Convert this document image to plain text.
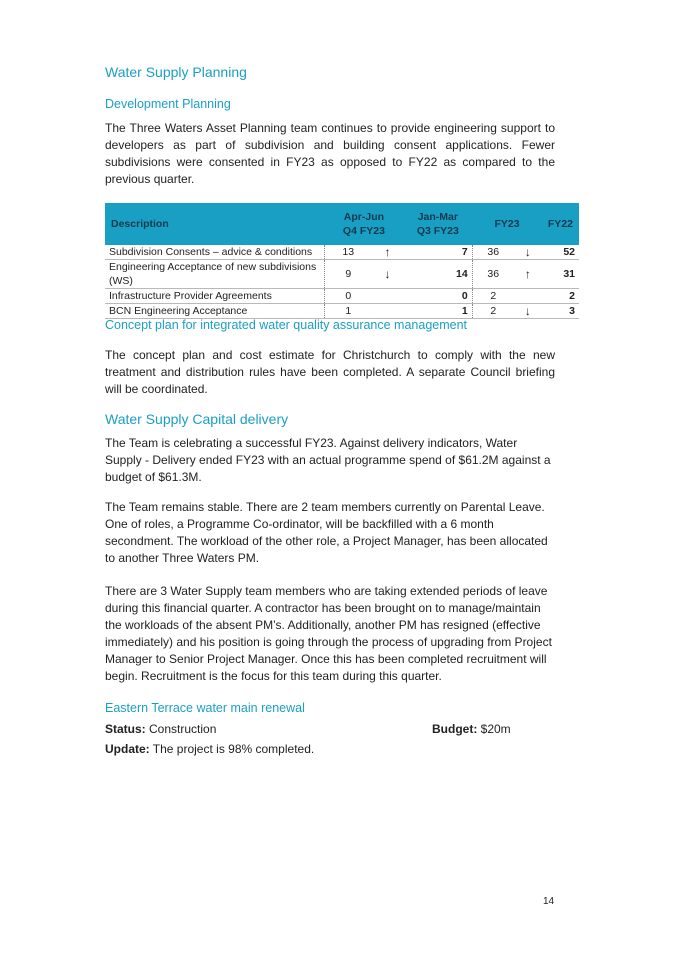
Water Supply Planning
Development Planning
The Three Waters Asset Planning team continues to provide engineering support to developers as part of subdivision and building consent applications. Fewer subdivisions were consented in FY23 as opposed to FY22 as compared to the previous quarter.
Description	Apr-Jun Q4 FY23		Jan-Mar Q3 FY23	FY23		FY22
Subdivision Consents – advice & conditions	13	↑	7	36	↓	52
Engineering Acceptance of new subdivisions (WS)	9	↓	14	36	↑	31
Infrastructure Provider Agreements	0		0	2		2
BCN Engineering Acceptance	1		1	2	↓	3
Concept plan for integrated water quality assurance management
The concept plan and cost estimate for Christchurch to comply with the new treatment and distribution rules have been completed. A separate Council briefing will be coordinated.
Water Supply Capital delivery
The Team is celebrating a successful FY23. Against delivery indicators, Water Supply - Delivery ended FY23 with an actual programme spend of $61.2M against a budget of $61.3M.
The Team remains stable. There are 2 team members currently on Parental Leave. One of roles, a Programme Co-ordinator, will be backfilled with a 6 month secondment. The workload of the other role, a Project Manager, has been allocated to another Three Waters PM.
There are 3 Water Supply team members who are taking extended periods of leave during this financial quarter. A contractor has been brought on to manage/maintain the workloads of the absent PM’s. Additionally, another PM has resigned (effective immediately) and his position is going through the process of upgrading from Project Manager to Senior Project Manager. Once this has been completed recruitment will begin. Recruitment is the focus for this team during this quarter.
Eastern Terrace water main renewal
Status: Construction	Budget: $20m
Update: The project is 98% completed.
14
